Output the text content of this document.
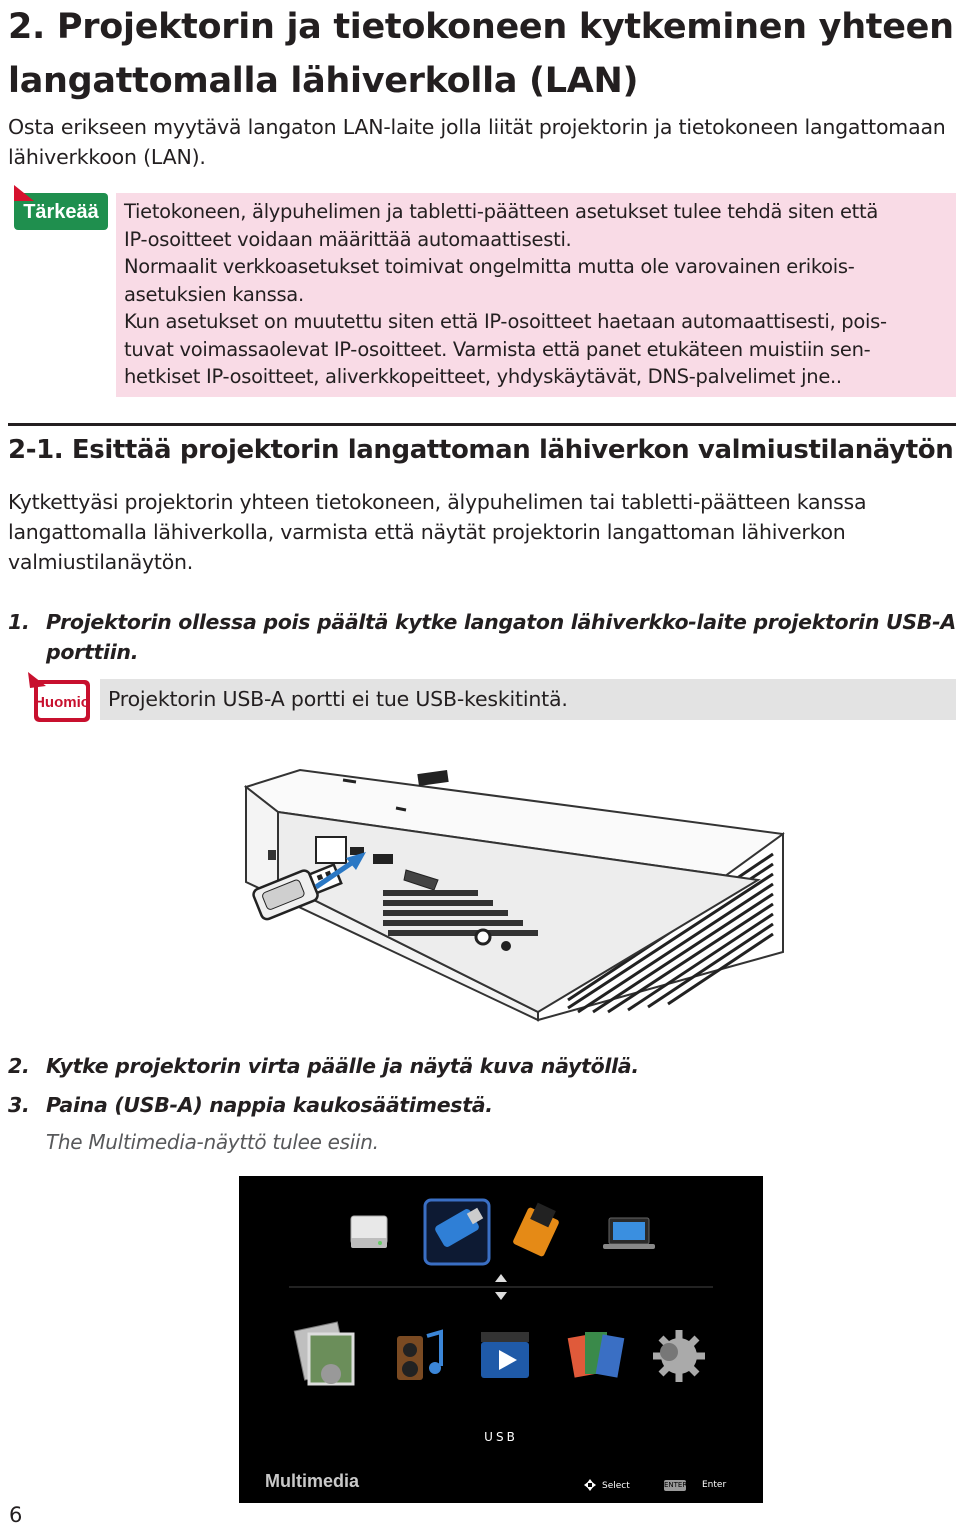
2. Projektorin ja tietokoneen kytkeminen yhteen langattomalla lähiverkolla (LAN)

Osta erikseen myytävä langaton LAN-laite jolla liität projektorin ja tietokoneen langattomaan lähiverkkoon (LAN).

Tärkeää Tietokoneen, älypuhelimen ja tabletti-päätteen asetukset tulee tehdä siten että

IP-osoitteet voidaan määrittää automaattisesti.

Normaalit verkkoasetukset toimivat ongelmitta mutta ole varovainen erikois-

asetuksien kanssa.

Kun asetukset on muutettu siten että IP-osoitteet haetaan automaattisesti, pois-

tuvat voimassaolevat IP-osoitteet. Varmista että panet etukäteen muistiin sen-

hetkiset IP-osoitteet, aliverkkopeitteet, yhdyskäytävät, DNS-palvelimet jne..

2-1. Esittää projektorin langattoman lähiverkon valmiustilanäytön

Kytkettyäsi projektorin yhteen tietokoneen, älypuhelimen tai tabletti-päätteen kanssa langattomalla lähiverkolla, varmista että näytät projektorin langattoman lähiverkon valmiustilanäytön.

1. Projektorin ollessa pois päältä kytke langaton lähiverkko-laite projektorin USB-A porttiin.
Huomio Projektorin USB-A portti ei tue USB-keskitintä.
2. Kytke projektorin virta päälle ja näytä kuva näytöllä.
3. Paina (USB-A) nappia kaukosäätimestä.

The Multimedia-näyttö tulee esiin.

USB
Multimedia	Select	ENTER Enter
6
